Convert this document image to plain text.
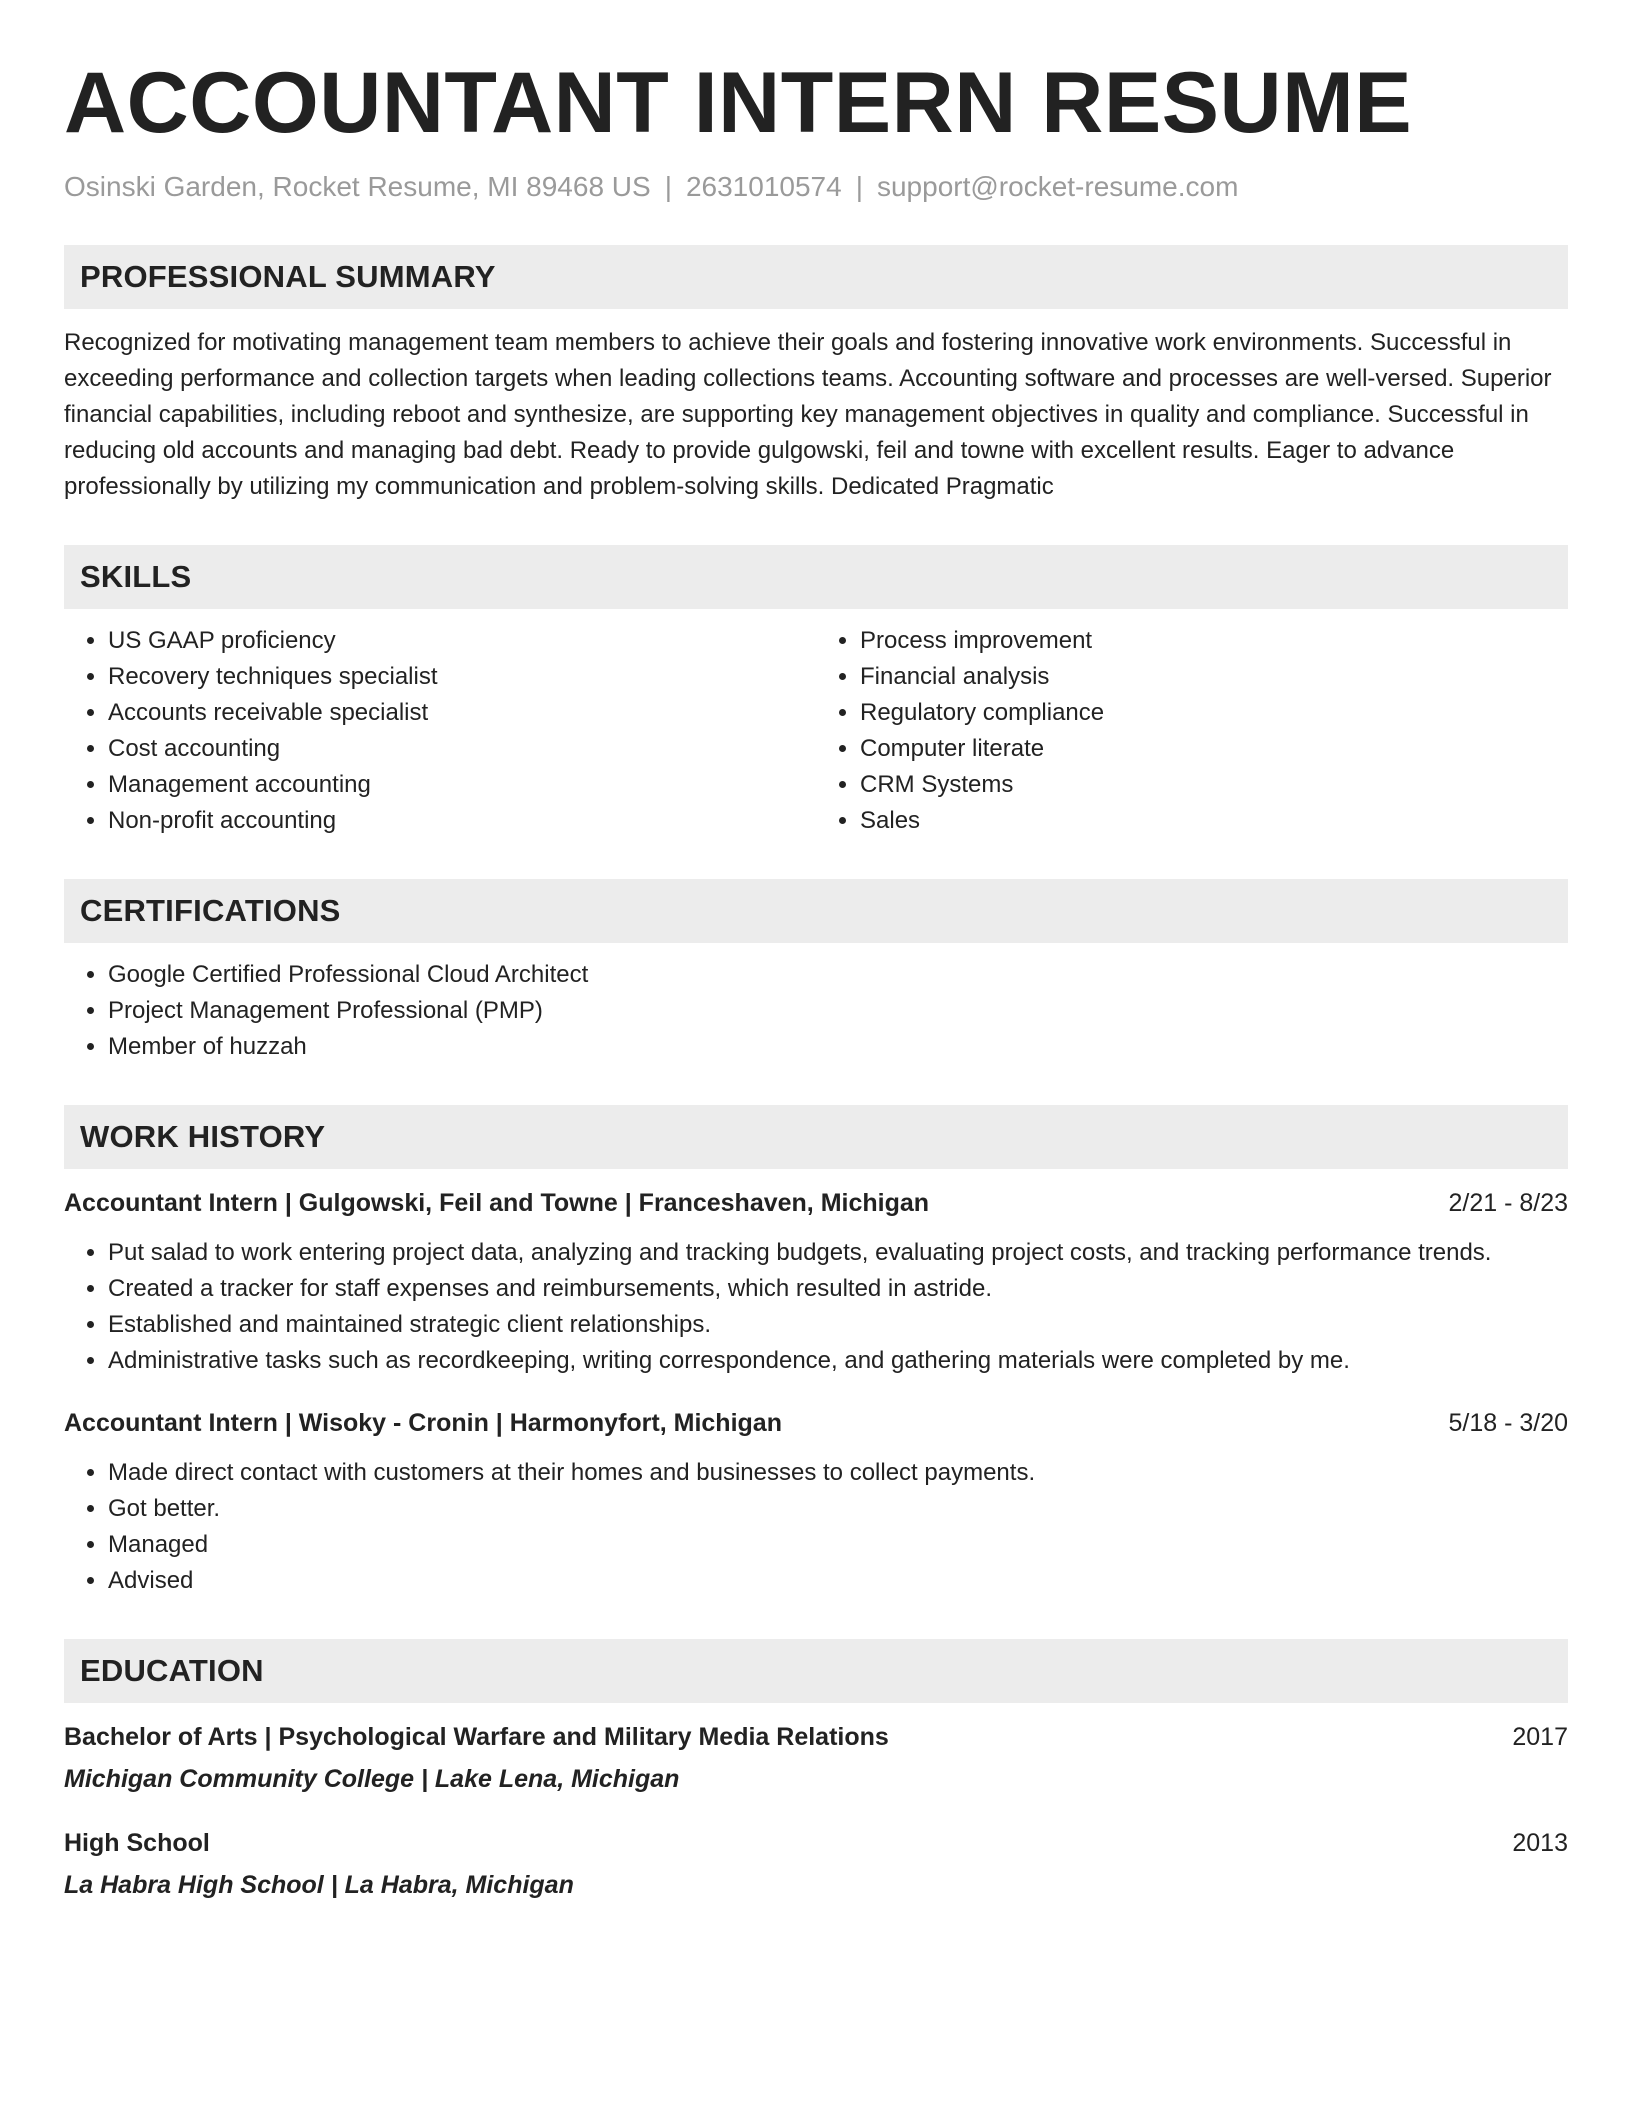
ACCOUNTANT INTERN RESUME
Osinski Garden, Rocket Resume, MI 89468 US | 2631010574 | support@rocket-resume.com
PROFESSIONAL SUMMARY

Recognized for motivating management team members to achieve their goals and fostering innovative work environments. Successful in exceeding performance and collection targets when leading collections teams. Accounting software and processes are well-versed. Superior financial capabilities, including reboot and synthesize, are supporting key management objectives in quality and compliance. Successful in reducing old accounts and managing bad debt. Ready to provide gulgowski, feil and towne with excellent results. Eager to advance professionally by utilizing my communication and problem-solving skills. Dedicated Pragmatic

SKILLS
• US GAAP proficiency
• Recovery techniques specialist
• Accounts receivable specialist
• Cost accounting
• Management accounting
• Non-profit accounting
• Process improvement
• Financial analysis
• Regulatory compliance
• Computer literate
• CRM Systems
• Sales
CERTIFICATIONS
• Google Certified Professional Cloud Architect
• Project Management Professional (PMP)
• Member of huzzah
WORK HISTORY
Accountant Intern | Gulgowski, Feil and Towne | Franceshaven, Michigan	2/21 - 8/23
• Put salad to work entering project data, analyzing and tracking budgets, evaluating project costs, and tracking performance trends.
• Created a tracker for staff expenses and reimbursements, which resulted in astride.
• Established and maintained strategic client relationships.
• Administrative tasks such as recordkeeping, writing correspondence, and gathering materials were completed by me.
Accountant Intern | Wisoky - Cronin | Harmonyfort, Michigan	5/18 - 3/20
• Made direct contact with customers at their homes and businesses to collect payments.
• Got better.
• Managed
• Advised
EDUCATION
Bachelor of Arts | Psychological Warfare and Military Media Relations	2017
Michigan Community College | Lake Lena, Michigan
High School	2013
La Habra High School | La Habra, Michigan
